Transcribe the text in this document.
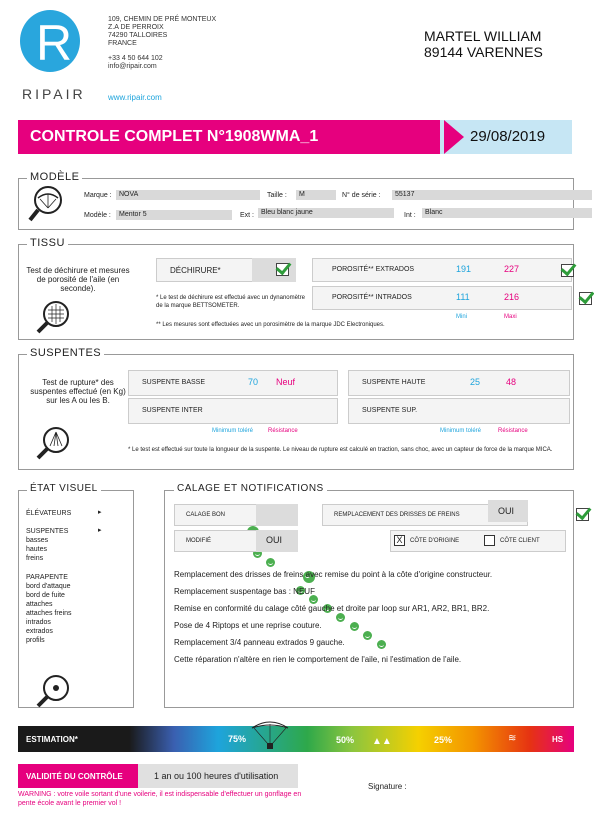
R
RIPAIR
109, CHEMIN DE PRÉ MONTEUX
Z.A DE PERROIX
74290 TALLOIRES
FRANCE
+33 4 50 644 102
info@ripair.com
www.ripair.com
MARTEL WILLIAM
89144 VARENNES
CONTROLE COMPLET N°1908WMA_1	29/08/2019
MODÈLE
Marque :	NOVA	Taille :	M	N° de série :	55137
Modèle :	Mentor 5	Ext : Bleu blanc jaune	Int :	Blanc
TISSU
Test de déchirure et mesures de porosité de l'aile (en seconde).
DÉCHIRURE*

* Le test de déchirure est effectué avec un dynanomètre de la marque BETTSOMETER.
** Les mesures sont effectuées avec un porosimètre de la marque JDC Electroniques.
POROSITÉ** EXTRADOS	191	227

POROSITÉ** INTRADOS	111	216

Mini	Maxi
SUSPENTES
Test de rupture* des suspentes effectué (en Kg) sur les A ou les B.
SUSPENTE BASSE	70 Neuf

SUSPENTE INTER

SUSPENTE HAUTE	25	48

SUSPENTE SUP.

Minimum toléré Résistance	Minimum toléré	Résistance
* Le test est effectué sur toute la longueur de la suspente. Le niveau de rupture est calculé en traction, sans choc, avec un capteur de force de la marque MICA.
ÉTAT VISUEL
ÉLÉVATEURS	▸

SUSPENTES	▸

basses
hautes
freins

PARAPENTE

bord d'attaque
bord de fuite
attaches
attaches freins
intrados
extrados
profils

CALAGE ET NOTIFICATIONS
CALAGE BON
MODIFIÉ	OUI
REMPLACEMENT DES DRISSES DE FREINS	OUI
X	CÔTE D'ORIGINE	CÔTE CLIENT
Remplacement des drisses de freins avec remise du point à la côte d'origine constructeur.
Remplacement suspentage bas : NEUF
Remise en conformité du calage côté gauche et droite par loop sur AR1, AR2, BR1, BR2.
Pose de 4 Riptops et une reprise couture.
Remplacement 3/4 panneau extrados 9 gauche.
Cette réparation n'altère en rien le comportement de l'aile, ni l'estimation de l'aile.
ESTIMATION*	75%	50% ▲▲	25%	≋	HS
VALIDITÉ DU CONTRÔLE	1 an ou 100 heures d'utilisation
Signature :
WARNING : votre voile sortant d'une voilerie, il est indispensable d'effectuer un gonflage en pente école avant le premier vol !
